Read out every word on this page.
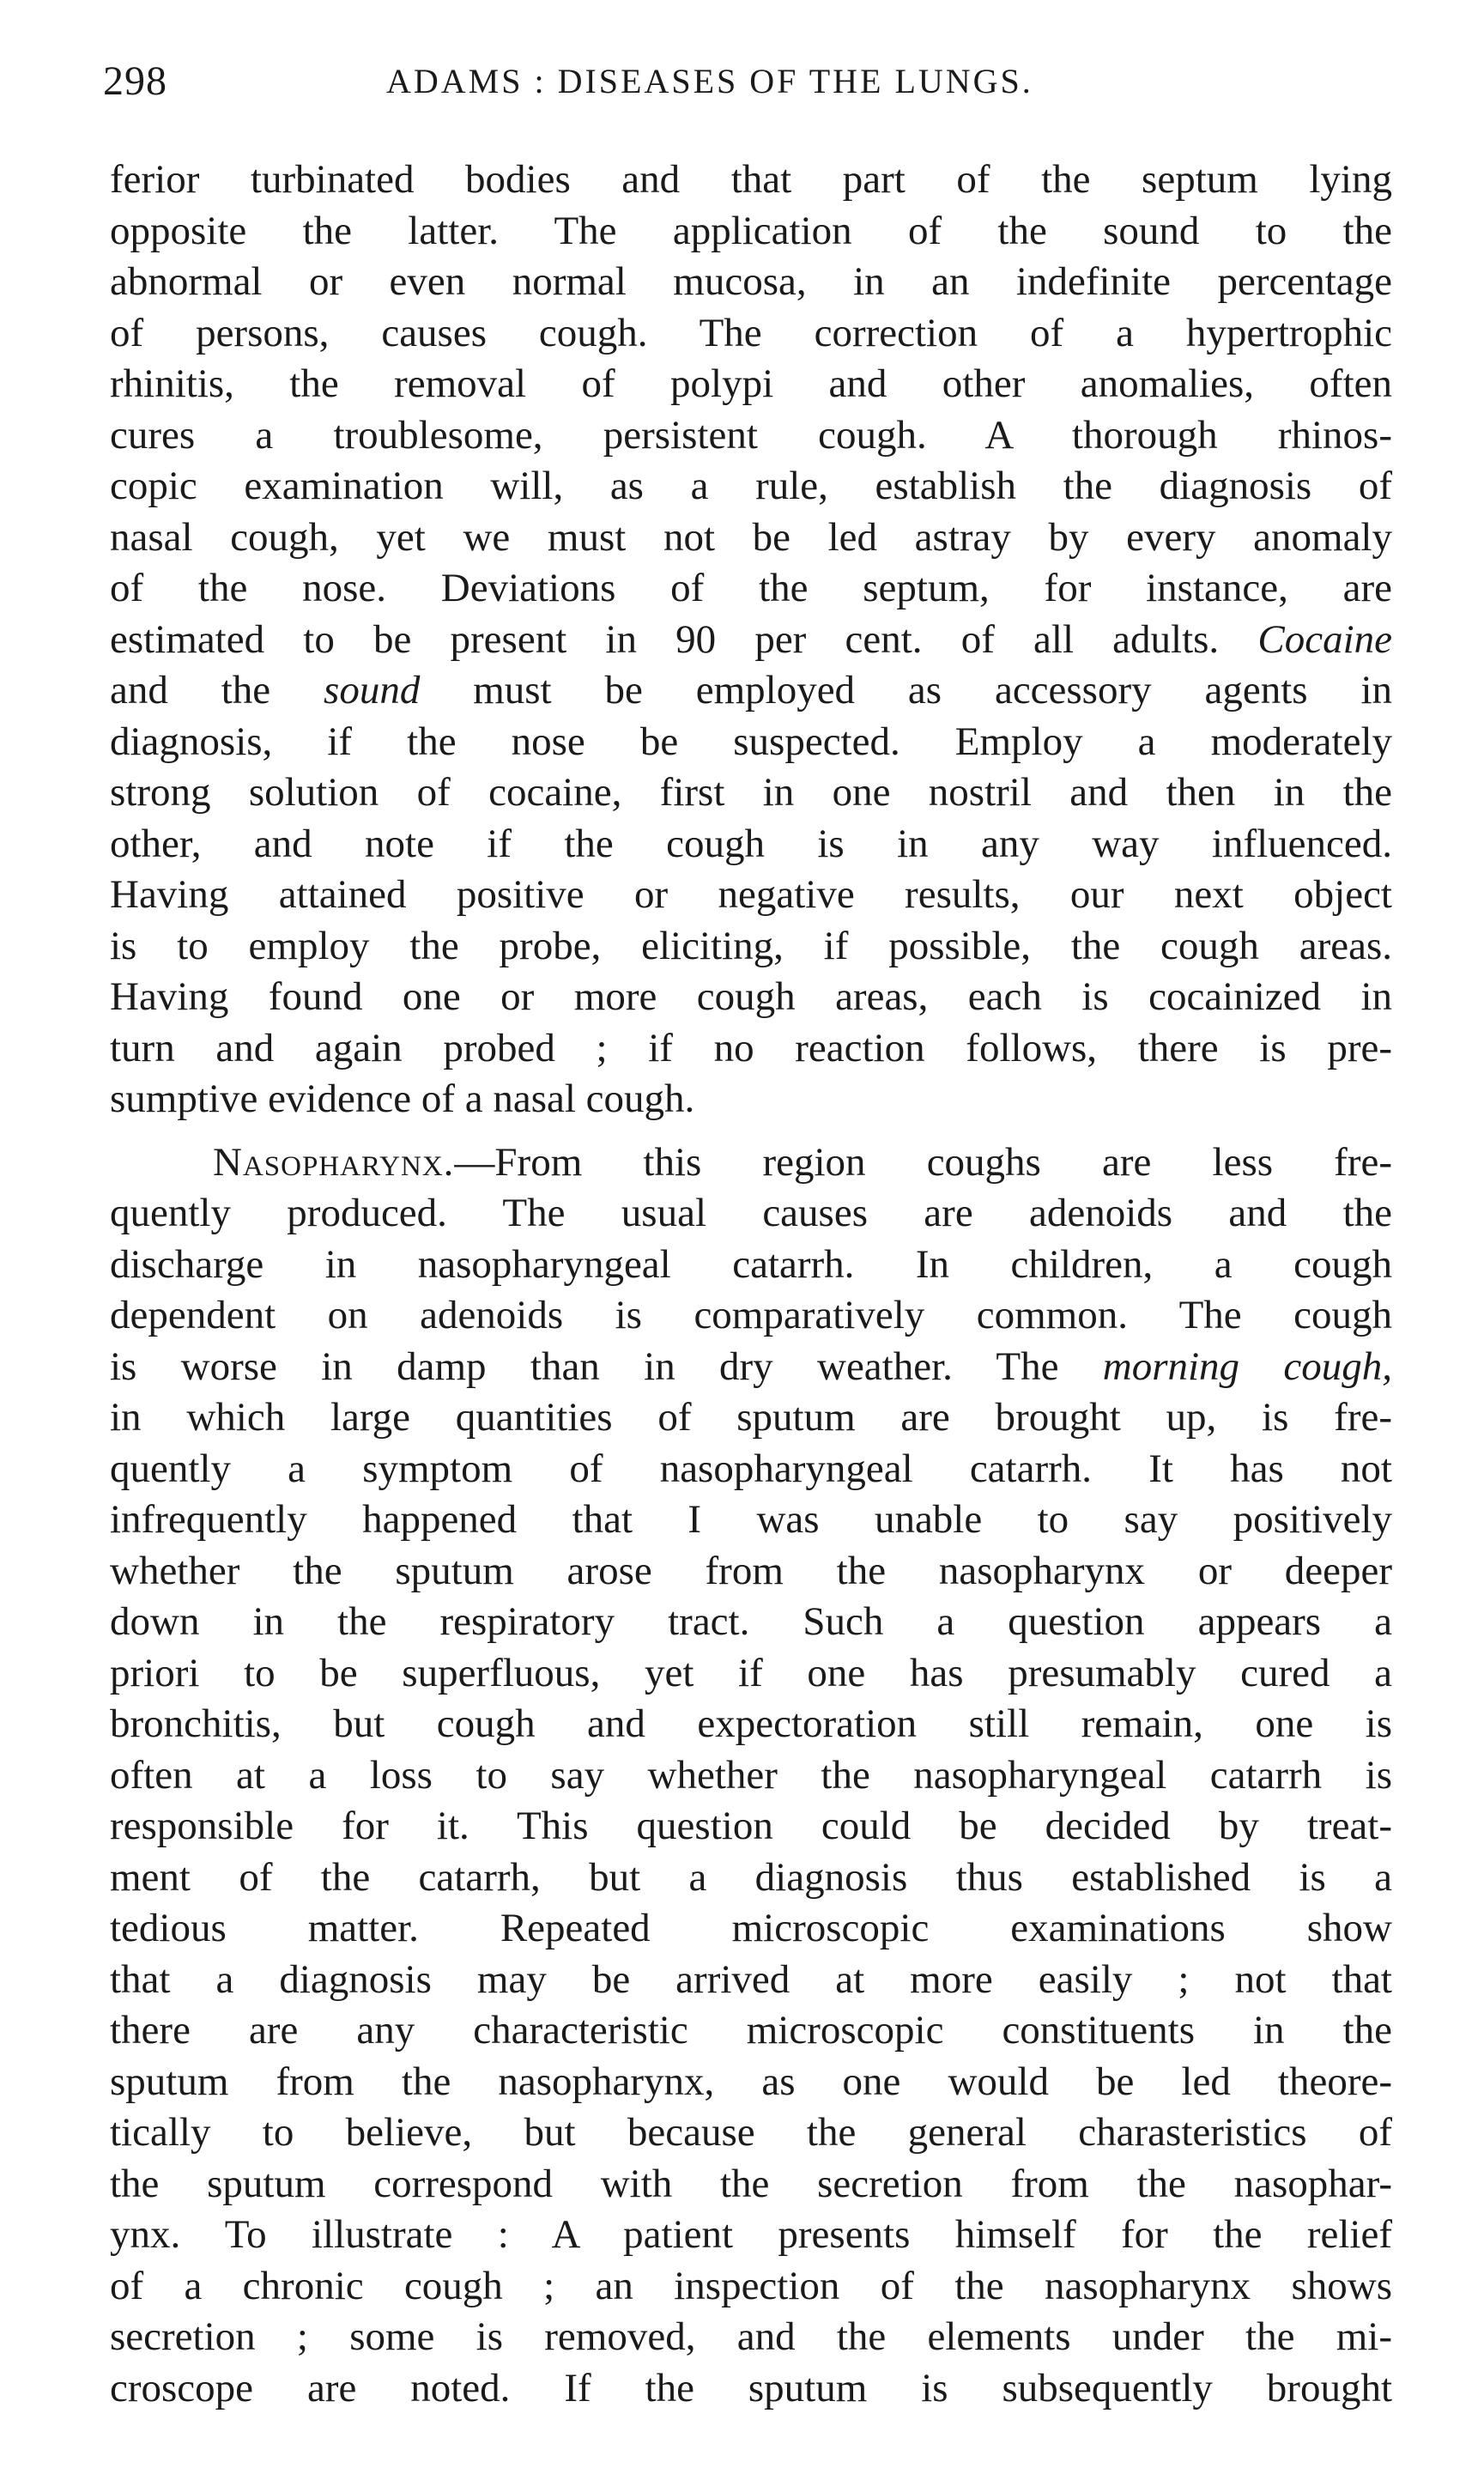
298	ADAMS : DISEASES OF THE LUNGS.
ferior turbinated bodies and that part of the septum lying
opposite the latter. The application of the sound to the
abnormal or even normal mucosa, in an indefinite percentage
of persons, causes cough. The correction of a hypertrophic
rhinitis, the removal of polypi and other anomalies, often
cures a troublesome, persistent cough. A thorough rhinos-
copic examination will, as a rule, establish the diagnosis of
nasal cough, yet we must not be led astray by every anomaly
of the nose. Deviations of the septum, for instance, are
estimated to be present in 90 per cent. of all adults. Cocaine
and the sound must be employed as accessory agents in
diagnosis, if the nose be suspected. Employ a moderately
strong solution of cocaine, first in one nostril and then in the
other, and note if the cough is in any way influenced.
Having attained positive or negative results, our next object
is to employ the probe, eliciting, if possible, the cough areas.
Having found one or more cough areas, each is cocainized in
turn and again probed ; if no reaction follows, there is pre-
sumptive evidence of a nasal cough.
Nasopharynx.—From this region coughs are less fre-
quently produced. The usual causes are adenoids and the
discharge in nasopharyngeal catarrh. In children, a cough
dependent on adenoids is comparatively common. The cough
is worse in damp than in dry weather. The morning cough,
in which large quantities of sputum are brought up, is fre-
quently a symptom of nasopharyngeal catarrh. It has not
infrequently happened that I was unable to say positively
whether the sputum arose from the nasopharynx or deeper
down in the respiratory tract. Such a question appears a
priori to be superfluous, yet if one has presumably cured a
bronchitis, but cough and expectoration still remain, one is
often at a loss to say whether the nasopharyngeal catarrh is
responsible for it. This question could be decided by treat-
ment of the catarrh, but a diagnosis thus established is a
tedious matter. Repeated microscopic examinations show
that a diagnosis may be arrived at more easily ; not that
there are any characteristic microscopic constituents in the
sputum from the nasopharynx, as one would be led theore-
tically to believe, but because the general charasteristics of
the sputum correspond with the secretion from the nasophar-
ynx. To illustrate : A patient presents himself for the relief
of a chronic cough ; an inspection of the nasopharynx shows
secretion ; some is removed, and the elements under the mi-
croscope are noted. If the sputum is subsequently brought
